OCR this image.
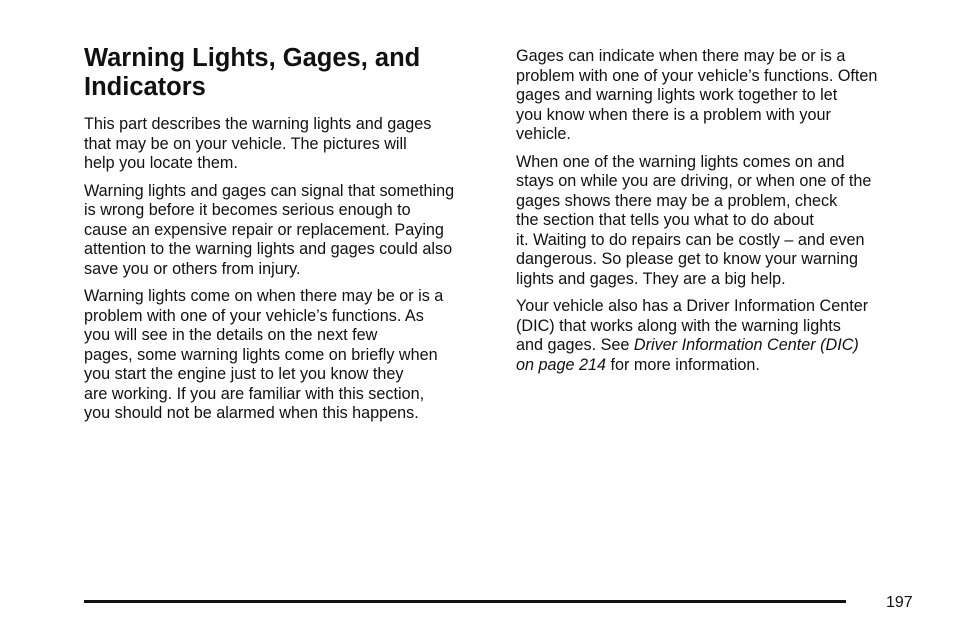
Warning Lights, Gages, and
Indicators

This part describes the warning lights and gages
that may be on your vehicle. The pictures will
help you locate them.

Warning lights and gages can signal that something
is wrong before it becomes serious enough to
cause an expensive repair or replacement. Paying
attention to the warning lights and gages could also
save you or others from injury.

Warning lights come on when there may be or is a
problem with one of your vehicle’s functions. As
you will see in the details on the next few
pages, some warning lights come on briefly when
you start the engine just to let you know they
are working. If you are familiar with this section,
you should not be alarmed when this happens.

Gages can indicate when there may be or is a
problem with one of your vehicle’s functions. Often
gages and warning lights work together to let
you know when there is a problem with your
vehicle.

When one of the warning lights comes on and
stays on while you are driving, or when one of the
gages shows there may be a problem, check
the section that tells you what to do about
it. Waiting to do repairs can be costly – and even
dangerous. So please get to know your warning
lights and gages. They are a big help.

Your vehicle also has a Driver Information Center
(DIC) that works along with the warning lights
and gages. See Driver Information Center (DIC)
on page 214 for more information.

197
